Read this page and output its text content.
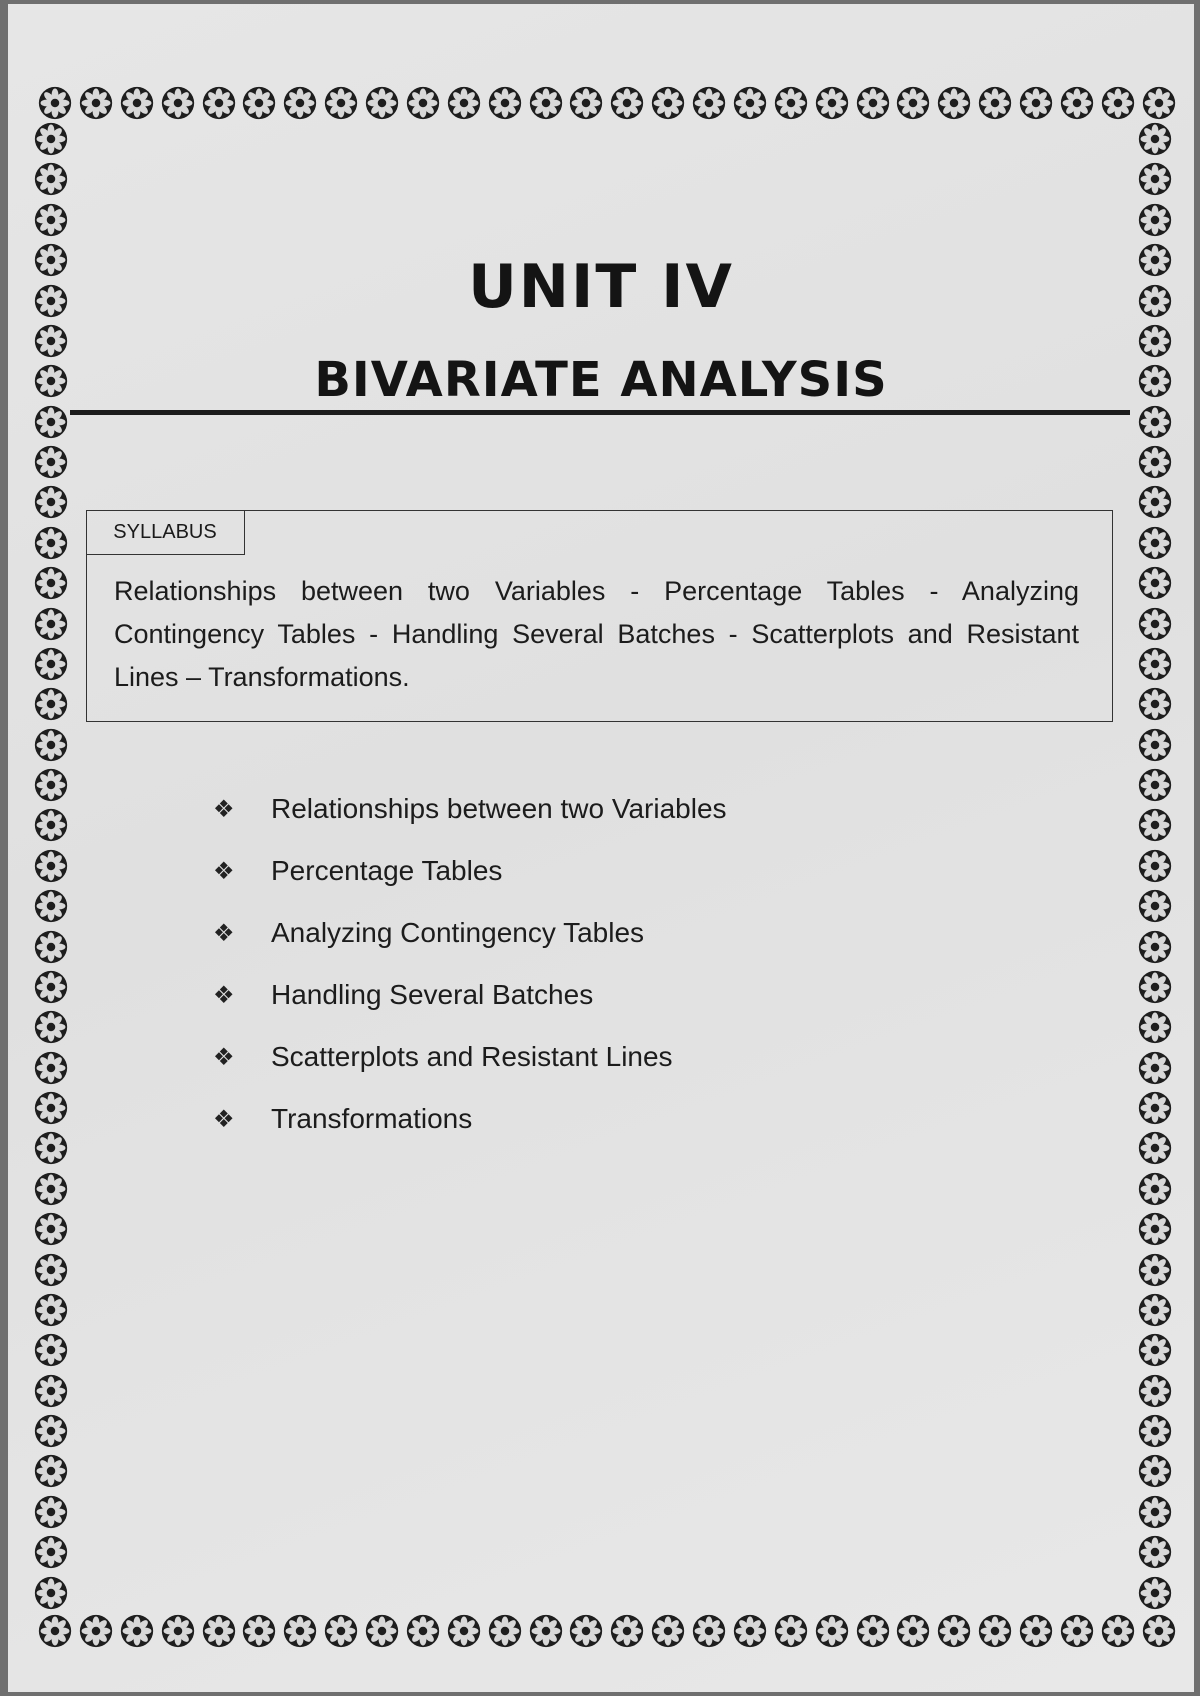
UNIT IV
BIVARIATE ANALYSIS
SYLLABUS
Relationships between two Variables - Percentage Tables - Analyzing Contingency Tables - Handling Several Batches - Scatterplots and Resistant Lines – Transformations.
❖	Relationships between two Variables
❖	Percentage Tables
❖	Analyzing Contingency Tables
❖	Handling Several Batches
❖	Scatterplots and Resistant Lines
❖	Transformations
